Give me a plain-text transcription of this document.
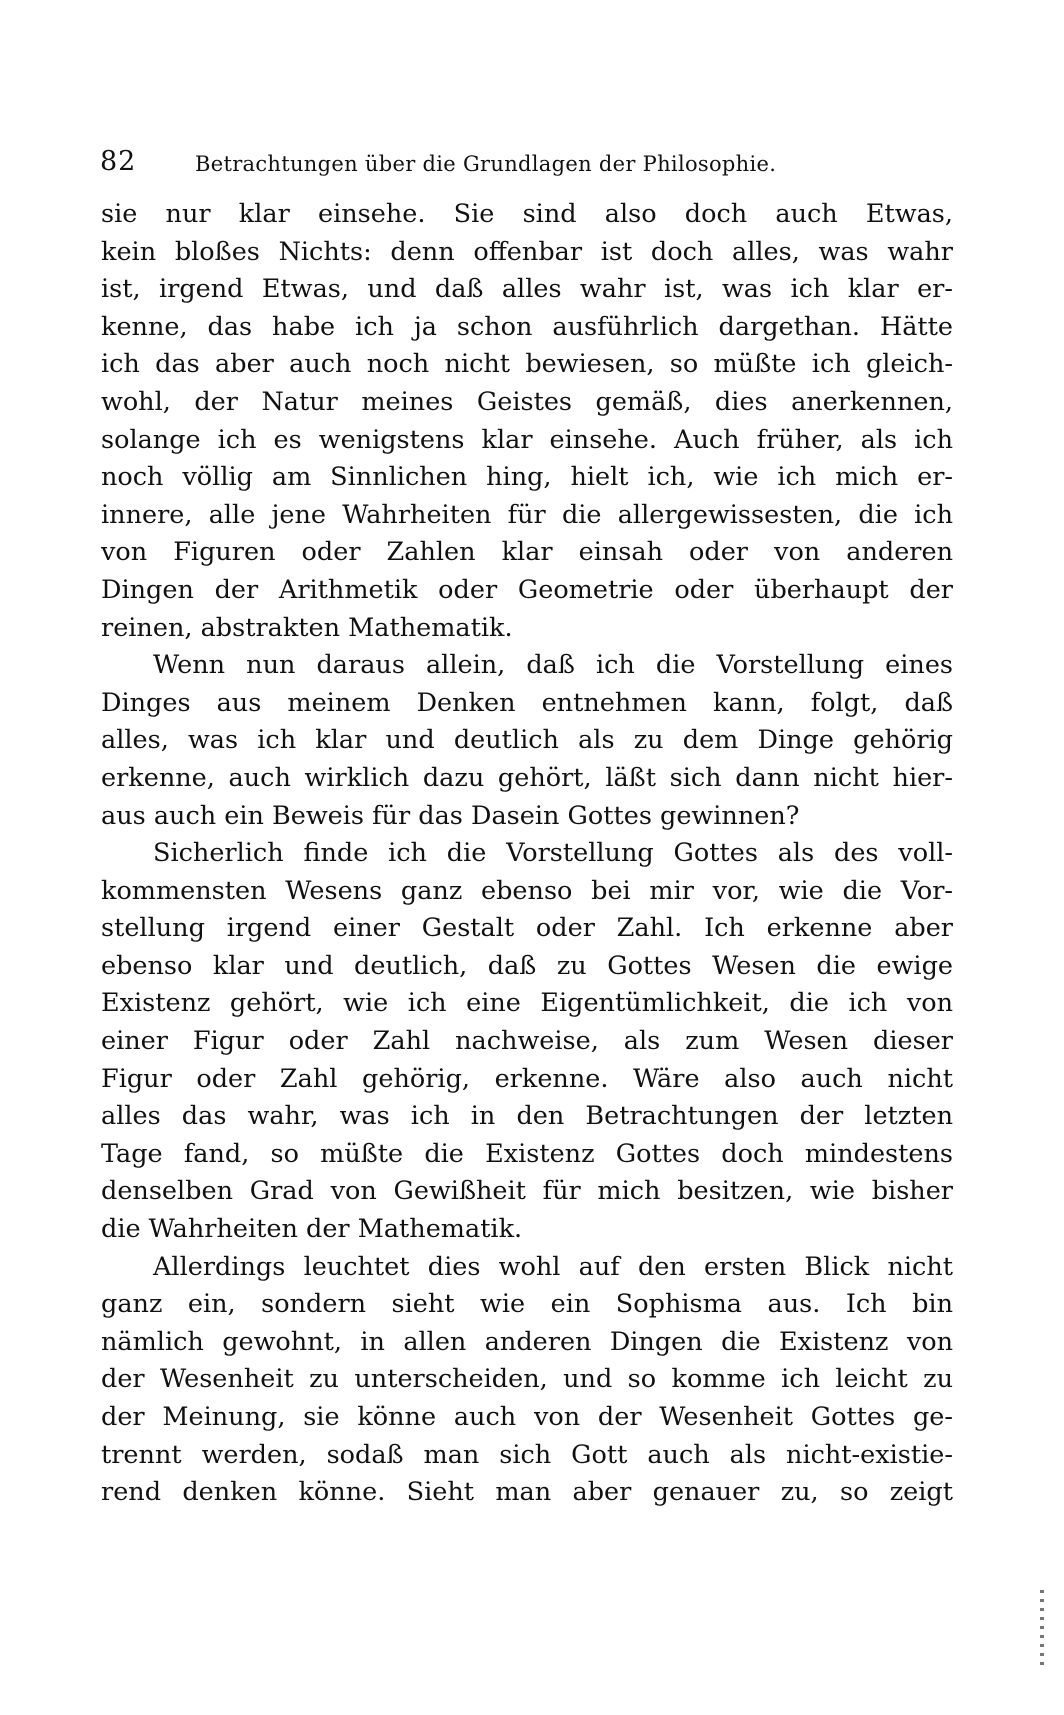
82	Betrachtungen über die Grundlagen der Philosophie.
sie nur klar einsehe. Sie sind also doch auch Etwas,
kein bloßes Nichts: denn offenbar ist doch alles, was wahr
ist, irgend Etwas, und daß alles wahr ist, was ich klar er-
kenne, das habe ich ja schon ausführlich dargethan. Hätte
ich das aber auch noch nicht bewiesen, so müßte ich gleich-
wohl, der Natur meines Geistes gemäß, dies anerkennen,
solange ich es wenigstens klar einsehe. Auch früher, als ich
noch völlig am Sinnlichen hing, hielt ich, wie ich mich er-
innere, alle jene Wahrheiten für die allergewissesten, die ich
von Figuren oder Zahlen klar einsah oder von anderen
Dingen der Arithmetik oder Geometrie oder überhaupt der
reinen, abstrakten Mathematik.
Wenn nun daraus allein, daß ich die Vorstellung eines
Dinges aus meinem Denken entnehmen kann, folgt, daß
alles, was ich klar und deutlich als zu dem Dinge gehörig
erkenne, auch wirklich dazu gehört, läßt sich dann nicht hier-
aus auch ein Beweis für das Dasein Gottes gewinnen?
Sicherlich finde ich die Vorstellung Gottes als des voll-
kommensten Wesens ganz ebenso bei mir vor, wie die Vor-
stellung irgend einer Gestalt oder Zahl. Ich erkenne aber
ebenso klar und deutlich, daß zu Gottes Wesen die ewige
Existenz gehört, wie ich eine Eigentümlichkeit, die ich von
einer Figur oder Zahl nachweise, als zum Wesen dieser
Figur oder Zahl gehörig, erkenne. Wäre also auch nicht
alles das wahr, was ich in den Betrachtungen der letzten
Tage fand, so müßte die Existenz Gottes doch mindestens
denselben Grad von Gewißheit für mich besitzen, wie bisher
die Wahrheiten der Mathematik.
Allerdings leuchtet dies wohl auf den ersten Blick nicht
ganz ein, sondern sieht wie ein Sophisma aus. Ich bin
nämlich gewohnt, in allen anderen Dingen die Existenz von
der Wesenheit zu unterscheiden, und so komme ich leicht zu
der Meinung, sie könne auch von der Wesenheit Gottes ge-
trennt werden, sodaß man sich Gott auch als nicht-existie-
rend denken könne. Sieht man aber genauer zu, so zeigt
